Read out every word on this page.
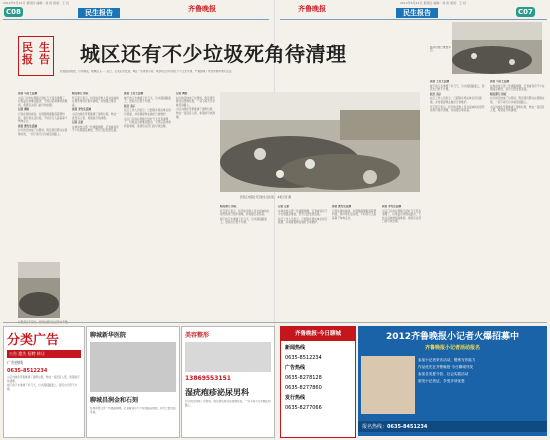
2012年5月24日 星期四 编辑：刘 艳 组版：王 虹
C08	民生报告	齐鲁晚报
2012年5月24日 星期四 编辑：刘 艳 组版：王 虹
齐鲁晚报	民生报告	C07
民 生
报 告 城区还有不少垃圾死角待清理

垃圾随意堆放，污水横流，蚊蝇乱飞……近日，记者走访发现，城区一些背街小巷、城乡结合部仍存在不少卫生死角，严重影响了市容市貌和市民生活。

居民区内随处可见的生活垃圾。 本报记者 摄
路边垃圾已堆放多日。

读者 马女士反映

小区门口的垃圾箱已经好几天没有清理了，垃圾溢出来堆在路边，天热以后味道特别难闻，希望有关部门能尽快处理。

记者 调查

记者在现场看到，垃圾箱周围散落着塑料袋、菜叶等生活垃圾，不时有行人捂着鼻子匆匆走过。

读者 张先生反映

村口的空地成了垃圾场，附近居民都往这里倒垃圾，一到下雨天污水就流到路上。

相关部门 回应

环卫部门表示，将尽快安排人员对反映的垃圾死角进行集中清理，并加强日常巡查。

读者 李先生反映

小区内绿化带里堆满了建筑垃圾，物业一直没有人管，希望能尽快清理。

记者 走访

在城乡结合部一些道路两侧，记者看到有不少垃圾随意堆放，部分已经发黑发臭。

读者 王女士反映

楼下的下水道堵了好几天，污水漫到路面上，居民出行很不方便。

社区 表示

社区工作人员表示，已经联系相关单位进行疏通，并将督促物业做好日常维护。

小区门口的垃圾箱已经好几天没有清理了，垃圾溢出来堆在路边，天热以后味道特别难闻，希望有关部门能尽快处理。

记者 调查

村口的空地成了垃圾场，附近居民都往这里倒垃圾，一到下雨天污水就流到路上。

小区内绿化带里堆满了建筑垃圾，物业一直没有人管，希望能尽快清理。

相关部门 回应

环卫部门表示，将尽快安排人员对反映的垃圾死角进行集中清理，并加强日常巡查。

楼下的下水道堵了好几天，污水漫到路面上，居民出行很不方便。

记者 走访

在城乡结合部一些道路两侧，记者看到有不少垃圾随意堆放，部分已经发黑发臭。

社区工作人员表示，已经联系相关单位进行疏通，并将督促物业做好日常维护。

读者 张先生反映

记者在现场看到，垃圾箱周围散落着塑料袋、菜叶等生活垃圾，不时有行人捂着鼻子匆匆走过。

读者 李先生反映

小区门口的垃圾箱已经好几天没有清理了，垃圾溢出来堆在路边，天热以后味道特别难闻，希望有关部门能尽快处理。

读者 王女士反映

楼下的下水道堵了好几天，污水漫到路面上，居民出行很不方便。

社区 表示

社区工作人员表示，已经联系相关单位进行疏通，并将督促物业做好日常维护。

环卫部门表示，将尽快安排人员对反映的垃圾死角进行集中清理，并加强日常巡查。

读者 马女士反映

在城乡结合部一些道路两侧，记者看到有不少垃圾随意堆放，部分已经发黑发臭。

相关部门 回应

村口的空地成了垃圾场，附近居民都往这里倒垃圾，一到下雨天污水就流到路上。

小区内绿化带里堆满了建筑垃圾，物业一直没有人管，希望能尽快清理。

分类广告
公告 遗失 招聘 转让
广告热线
0635-8512234

小区内绿化带里堆满了建筑垃圾，物业一直没有人管，希望能尽快清理。

楼下的下水道堵了好几天，污水漫到路面上，居民出行很不方便。

聊城新华医院
聊城昌润金和石刻

在城乡结合部一些道路两侧，记者看到有不少垃圾随意堆放，部分已经发黑发臭。

美容整形
13869553151
湿疣疱疹泌尿男科

村口的空地成了垃圾场，附近居民都往这里倒垃圾，一到下雨天污水就流到路上。

齐鲁晚报·今日聊城
新闻热线
0635-8512234
广告热线
0635-8278128
0635-8277860
发行热线
0635-8277066
2012齐鲁晚报小记者火爆招募中
齐鲁晚报小记者活动报名
参加小记者采访活动，锻炼写作能力
作品优先在齐鲁晚报·今日聊城刊发
参加各类夏令营、社会实践活动
颁发小记者证，享受多项优惠
报名热线：0635-8451234
